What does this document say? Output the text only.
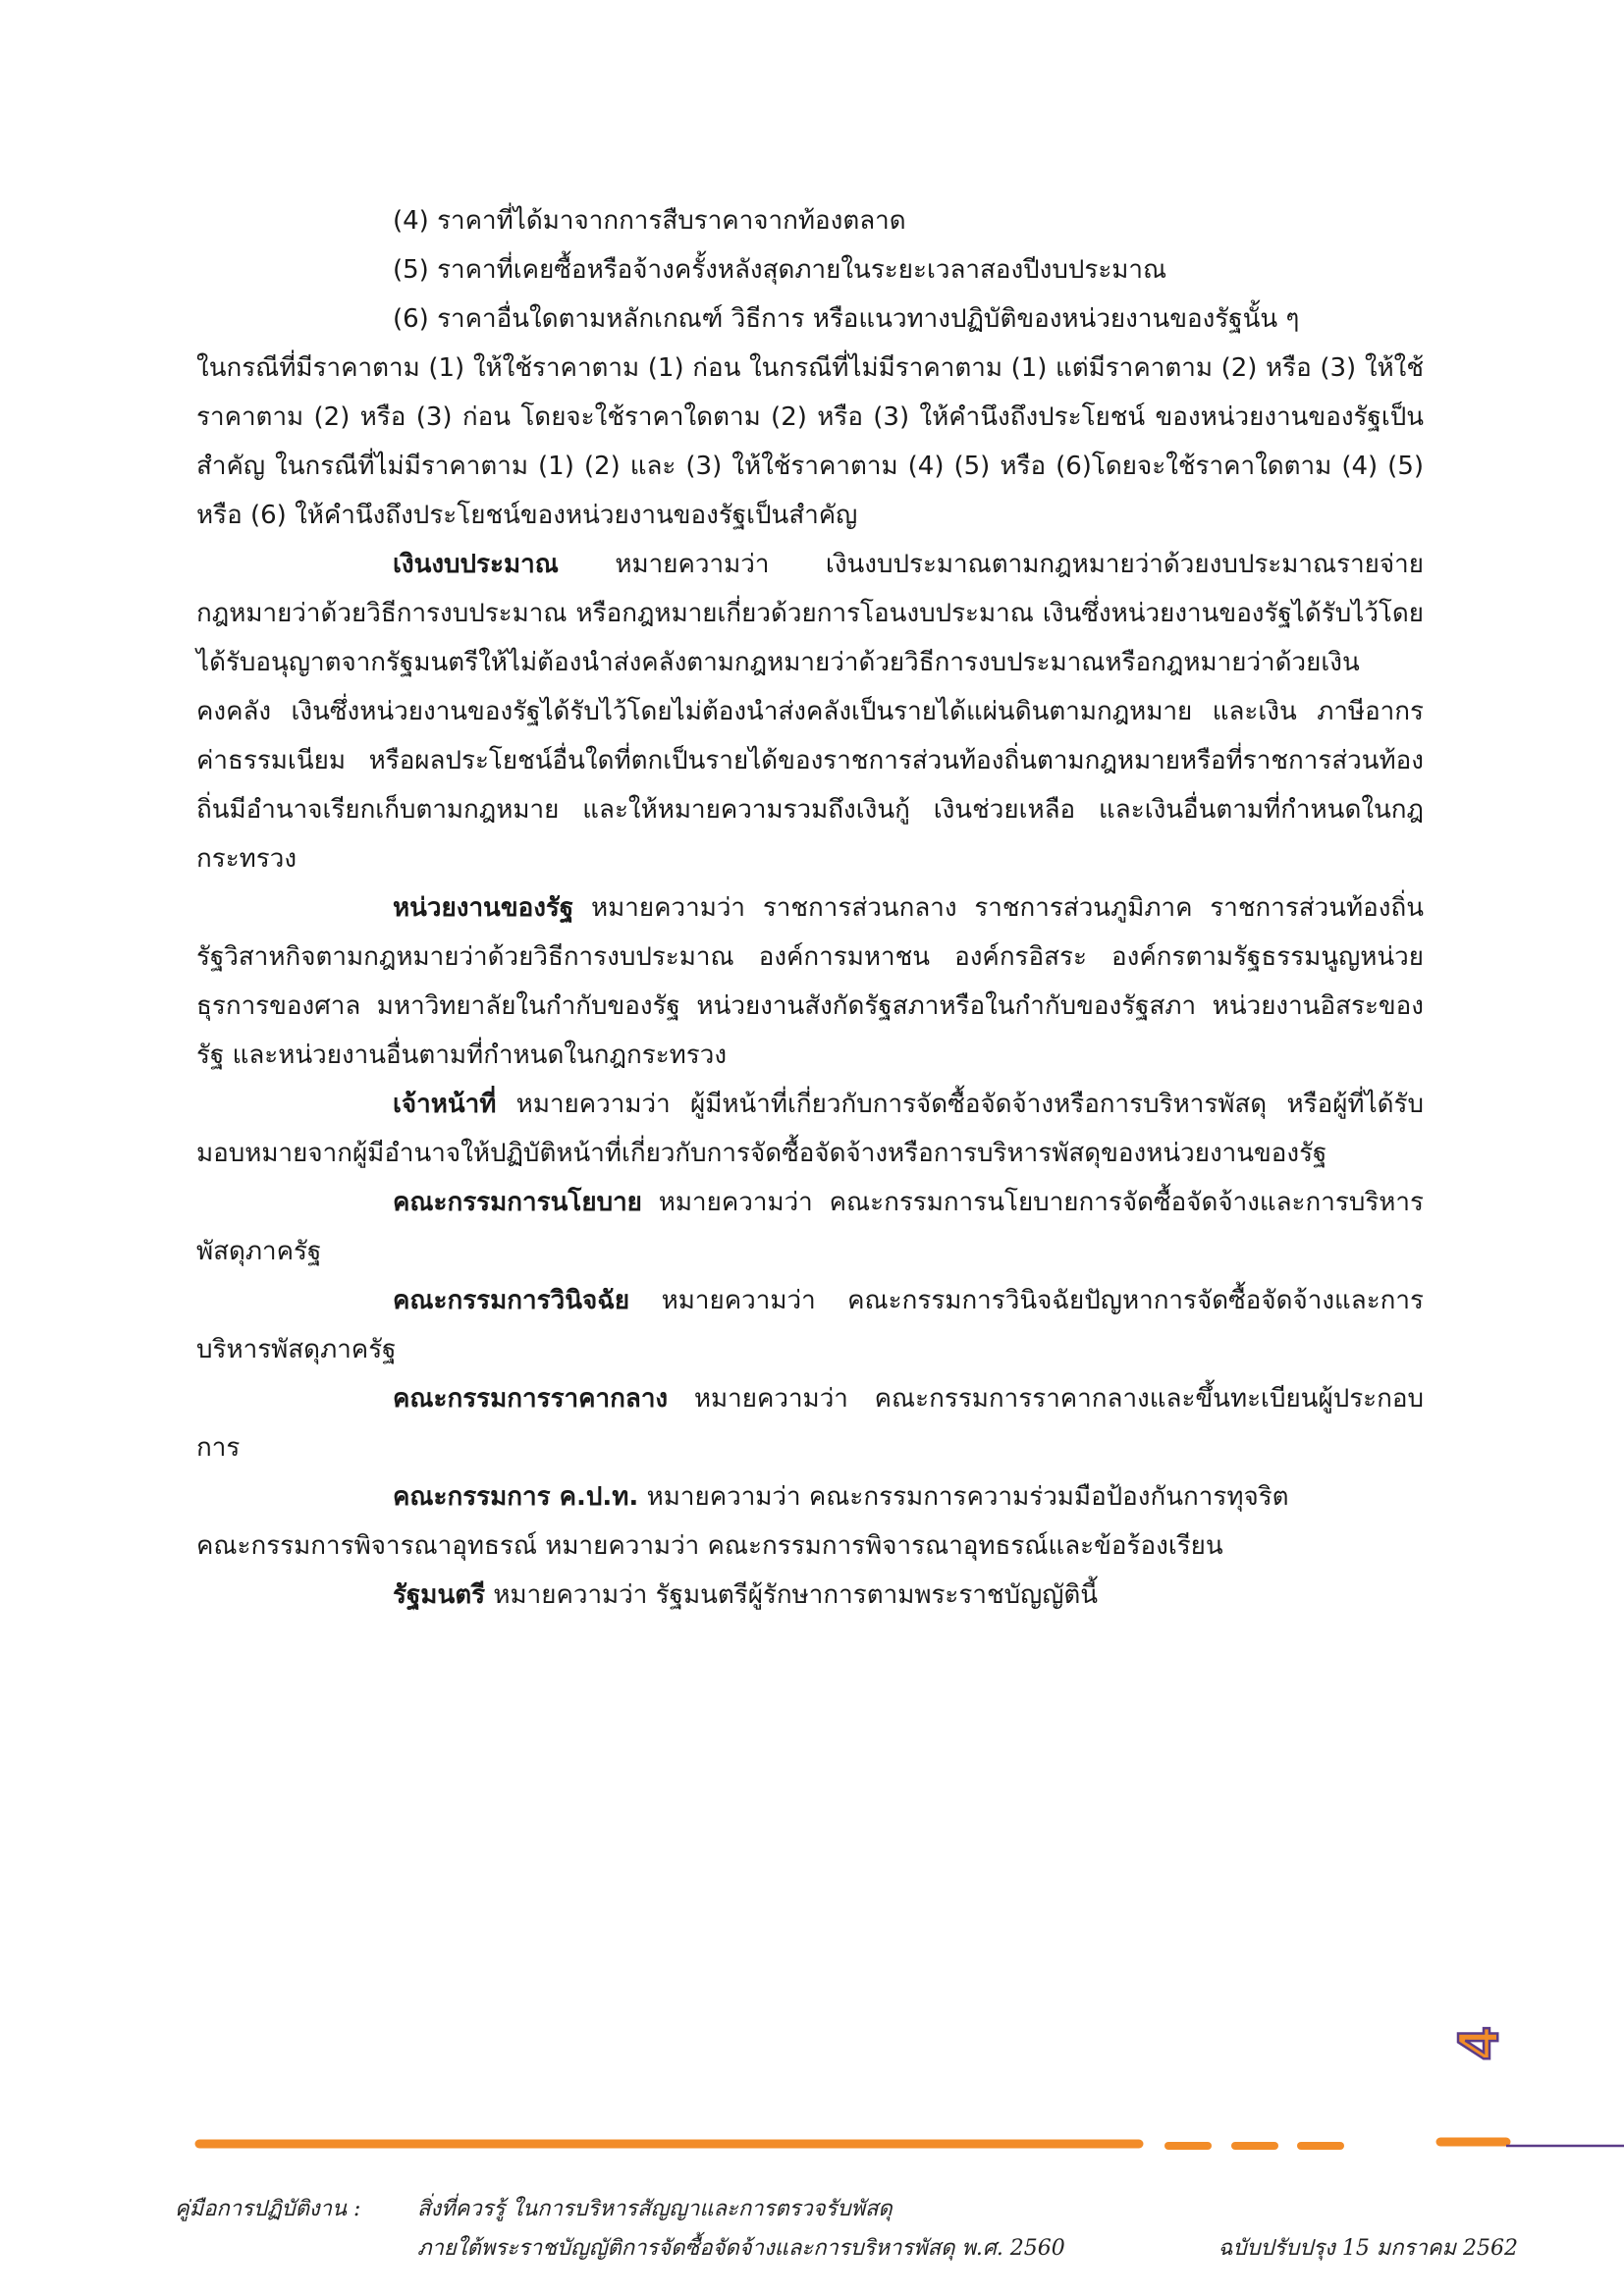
(4) ราคาที่ได้มาจากการสืบราคาจากท้องตลาด

(5) ราคาที่เคยซื้อหรือจ้างครั้งหลังสุดภายในระยะเวลาสองปีงบประมาณ

(6) ราคาอื่นใดตามหลักเกณฑ์ วิธีการ หรือแนวทางปฏิบัติของหน่วยงานของรัฐนั้น ๆ

ในกรณีที่มีราคาตาม (1) ให้ใช้ราคาตาม (1) ก่อน ในกรณีที่ไม่มีราคาตาม (1) แต่มีราคาตาม (2) หรือ (3) ให้ใช้ราคาตาม (2) หรือ (3) ก่อน โดยจะใช้ราคาใดตาม (2) หรือ (3) ให้คำนึงถึงประโยชน์ ของหน่วยงานของรัฐเป็นสำคัญ ในกรณีที่ไม่มีราคาตาม (1) (2) และ (3) ให้ใช้ราคาตาม (4) (5) หรือ (6)โดยจะใช้ราคาใดตาม (4) (5) หรือ (6) ให้คำนึงถึงประโยชน์ของหน่วยงานของรัฐเป็นสำคัญ

เงินงบประมาณ หมายความว่า เงินงบประมาณตามกฎหมายว่าด้วยงบประมาณรายจ่าย กฎหมายว่าด้วยวิธีการงบประมาณ หรือกฎหมายเกี่ยวด้วยการโอนงบประมาณ เงินซึ่งหน่วยงานของรัฐได้รับไว้โดยได้รับอนุญาตจากรัฐมนตรีให้ไม่ต้องนำส่งคลังตามกฎหมายว่าด้วยวิธีการงบประมาณหรือกฎหมายว่าด้วยเงินคงคลัง เงินซึ่งหน่วยงานของรัฐได้รับไว้โดยไม่ต้องนำส่งคลังเป็นรายได้แผ่นดินตามกฎหมาย และเงิน ภาษีอากร ค่าธรรมเนียม หรือผลประโยชน์อื่นใดที่ตกเป็นรายได้ของราชการส่วนท้องถิ่นตามกฎหมายหรือที่ราชการส่วนท้องถิ่นมีอำนาจเรียกเก็บตามกฎหมาย และให้หมายความรวมถึงเงินกู้ เงินช่วยเหลือ และเงินอื่นตามที่กำหนดในกฎกระทรวง

หน่วยงานของรัฐ หมายความว่า ราชการส่วนกลาง ราชการส่วนภูมิภาค ราชการส่วนท้องถิ่นรัฐวิสาหกิจตามกฎหมายว่าด้วยวิธีการงบประมาณ องค์การมหาชน องค์กรอิสระ องค์กรตามรัฐธรรมนูญหน่วยธุรการของศาล มหาวิทยาลัยในกำกับของรัฐ หน่วยงานสังกัดรัฐสภาหรือในกำกับของรัฐสภา หน่วยงานอิสระของรัฐ และหน่วยงานอื่นตามที่กำหนดในกฎกระทรวง

เจ้าหน้าที่ หมายความว่า ผู้มีหน้าที่เกี่ยวกับการจัดซื้อจัดจ้างหรือการบริหารพัสดุ หรือผู้ที่ได้รับมอบหมายจากผู้มีอำนาจให้ปฏิบัติหน้าที่เกี่ยวกับการจัดซื้อจัดจ้างหรือการบริหารพัสดุของหน่วยงานของรัฐ

คณะกรรมการนโยบาย หมายความว่า คณะกรรมการนโยบายการจัดซื้อจัดจ้างและการบริหารพัสดุภาครัฐ

คณะกรรมการวินิจฉัย หมายความว่า คณะกรรมการวินิจฉัยปัญหาการจัดซื้อจัดจ้างและการบริหารพัสดุภาครัฐ

คณะกรรมการราคากลาง หมายความว่า คณะกรรมการราคากลางและขึ้นทะเบียนผู้ประกอบการ

คณะกรรมการ ค.ป.ท. หมายความว่า คณะกรรมการความร่วมมือป้องกันการทุจริต

คณะกรรมการพิจารณาอุทธรณ์ หมายความว่า คณะกรรมการพิจารณาอุทธรณ์และข้อร้องเรียน

รัฐมนตรี หมายความว่า รัฐมนตรีผู้รักษาการตามพระราชบัญญัตินี้

4
คู่มือการปฏิบัติงาน :	สิ่งที่ควรรู้ ในการบริหารสัญญาและการตรวจรับพัสดุ
ภายใต้พระราชบัญญัติการจัดซื้อจัดจ้างและการบริหารพัสดุ พ.ศ. 2560	ฉบับปรับปรุง 15 มกราคม 2562
